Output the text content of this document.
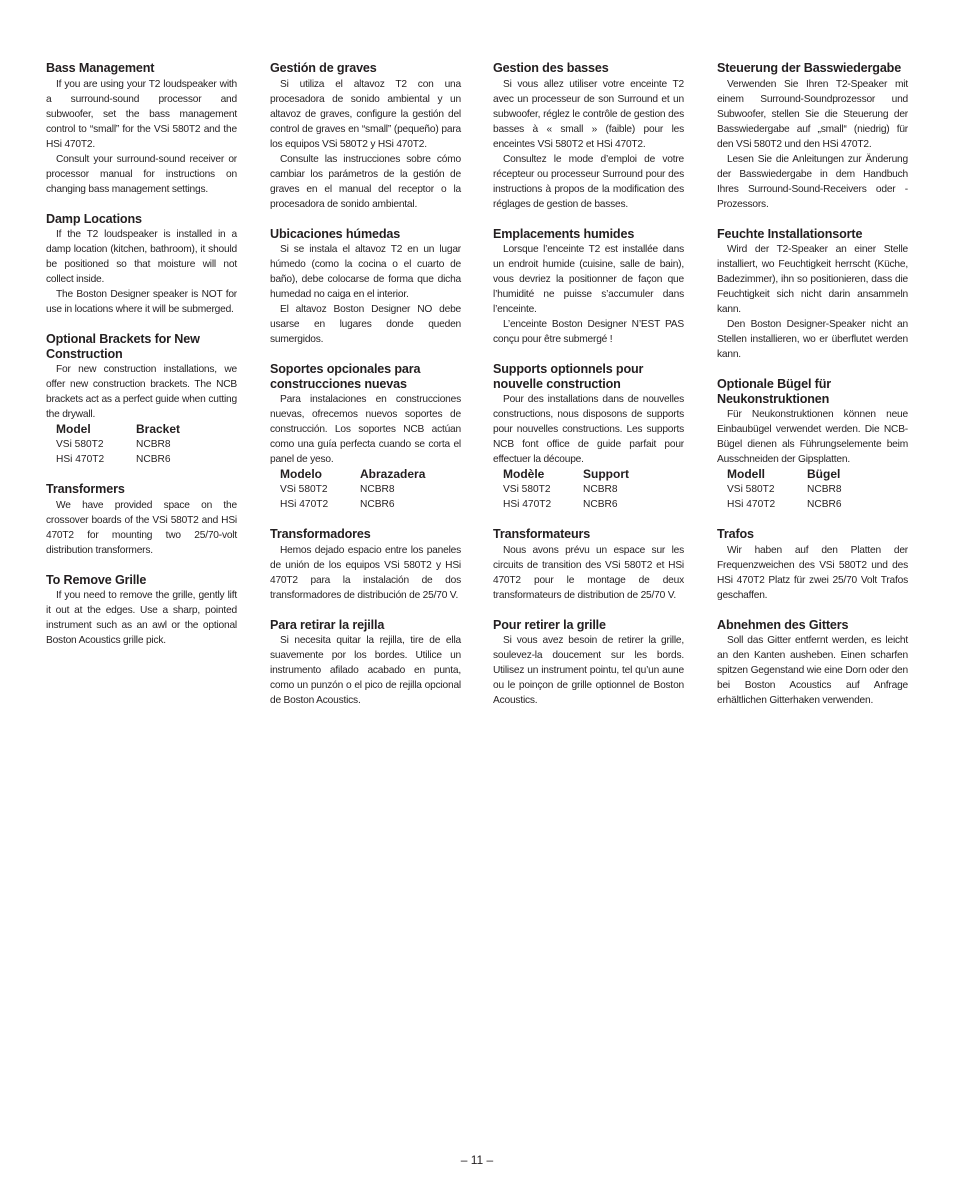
Bass Management

If you are using your T2 loudspeaker with a surround-sound processor and subwoofer, set the bass management control to “small” for the VSi 580T2 and the HSi 470T2.

Consult your surround-sound receiver or processor manual for instructions on changing bass management settings.

Damp Locations

If the T2 loudspeaker is installed in a damp location (kitchen, bathroom), it should be positioned so that moisture will not collect inside.

The Boston Designer speaker is NOT for use in locations where it will be submerged.

Optional Brackets for New Construction

For new construction installations, we offer new construction brackets. The NCB brackets act as a perfect guide when cutting the drywall.

Model	Bracket
VSi 580T2	NCBR8
HSi 470T2	NCBR6
Transformers

We have provided space on the crossover boards of the VSi 580T2 and HSi 470T2 for mounting two 25/70-volt distribution transformers.

To Remove Grille

If you need to remove the grille, gently lift it out at the edges. Use a sharp, pointed instrument such as an awl or the optional Boston Acoustics grille pick.

Gestión de graves

Si utiliza el altavoz T2 con una procesadora de sonido ambiental y un altavoz de graves, configure la gestión del control de graves en “small” (pequeño) para los equipos VSi 580T2 y HSi 470T2.

Consulte las instrucciones sobre cómo cambiar los parámetros de la gestión de graves en el manual del receptor o la procesadora de sonido ambiental.

Ubicaciones húmedas

Si se instala el altavoz T2 en un lugar húmedo (como la cocina o el cuarto de baño), debe colocarse de forma que dicha humedad no caiga en el interior.

El altavoz Boston Designer NO debe usarse en lugares donde queden sumergidos.

Soportes opcionales para construcciones nuevas

Para instalaciones en construcciones nuevas, ofrecemos nuevos soportes de construcción. Los soportes NCB actúan como una guía perfecta cuando se corta el panel de yeso.

Modelo	Abrazadera
VSi 580T2	NCBR8
HSi 470T2	NCBR6
Transformadores

Hemos dejado espacio entre los paneles de unión de los equipos VSi 580T2 y HSi 470T2 para la instalación de dos transformadores de distribución de 25/70 V.

Para retirar la rejilla

Si necesita quitar la rejilla, tire de ella suavemente por los bordes. Utilice un instrumento afilado acabado en punta, como un punzón o el pico de rejilla opcional de Boston Acoustics.

Gestion des basses

Si vous allez utiliser votre enceinte T2 avec un processeur de son Surround et un subwoofer, réglez le contrôle de gestion des basses à « small » (faible) pour les enceintes VSi 580T2 et HSi 470T2.

Consultez le mode d’emploi de votre récepteur ou processeur Surround pour des instructions à propos de la modification des réglages de gestion de basses.

Emplacements humides

Lorsque l’enceinte T2 est installée dans un endroit humide (cuisine, salle de bain), vous devriez la positionner de façon que l’humidité ne puisse s’accumuler dans l’enceinte.

L’enceinte Boston Designer N’EST PAS conçu pour être submergé !

Supports optionnels pour nouvelle construction

Pour des installations dans de nouvelles constructions, nous disposons de supports pour nouvelles constructions. Les supports NCB font office de guide parfait pour effectuer la découpe.

Modèle	Support
VSi 580T2	NCBR8
HSi 470T2	NCBR6
Transformateurs

Nous avons prévu un espace sur les circuits de transition des VSi 580T2 et HSi 470T2 pour le montage de deux transformateurs de distribution de 25/70 V.

Pour retirer la grille

Si vous avez besoin de retirer la grille, soulevez-la doucement sur les bords. Utilisez un instrument pointu, tel qu’un aune ou le poinçon de grille optionnel de Boston Acoustics.

Steuerung der Basswiedergabe

Verwenden Sie Ihren T2-Speaker mit einem Surround-Soundprozessor und Subwoofer, stellen Sie die Steuerung der Basswiedergabe auf „small“ (niedrig) für den VSi 580T2 und den HSi 470T2.

Lesen Sie die Anleitungen zur Änderung der Basswiedergabe in dem Handbuch Ihres Surround-Sound-Receivers oder -Prozessors.

Feuchte Installationsorte

Wird der T2-Speaker an einer Stelle installiert, wo Feuchtigkeit herrscht (Küche, Badezimmer), ihn so positionieren, dass die Feuchtigkeit sich nicht darin ansammeln kann.

Den Boston Designer-Speaker nicht an Stellen installieren, wo er überflutet werden kann.

Optionale Bügel für Neukonstruktionen

Für Neukonstruktionen können neue Einbaubügel verwendet werden. Die NCB-Bügel dienen als Führungselemente beim Ausschneiden der Gipsplatten.

Modell	Bügel
VSi 580T2	NCBR8
HSi 470T2	NCBR6
Trafos

Wir haben auf den Platten der Frequenzweichen des VSi 580T2 und des HSi 470T2 Platz für zwei 25/70 Volt Trafos geschaffen.

Abnehmen des Gitters

Soll das Gitter entfernt werden, es leicht an den Kanten ausheben. Einen scharfen spitzen Gegenstand wie eine Dorn oder den bei Boston Acoustics auf Anfrage erhältlichen Gitterhaken verwenden.

– 11 –
